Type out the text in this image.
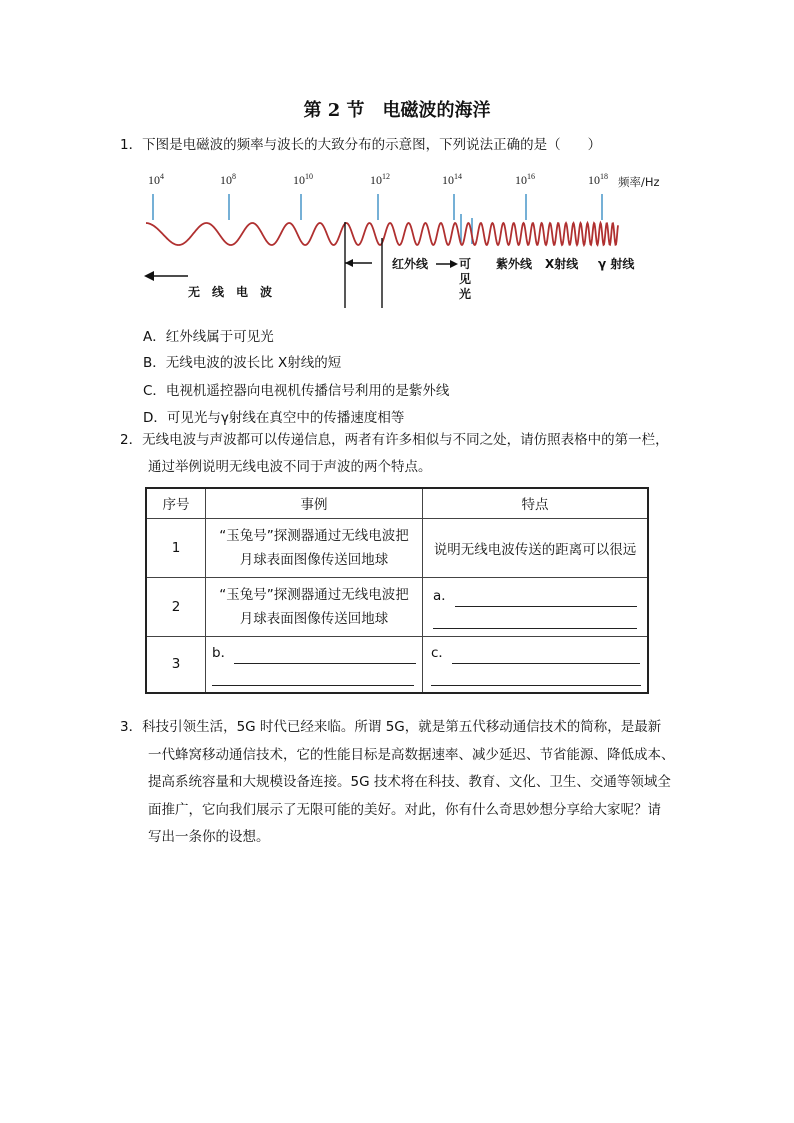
第 2 节　电磁波的海洋
1．下图是电磁波的频率与波长的大致分布的示意图，下列说法正确的是（　　）
$10^4$	$10^8$	$10^{10}$	$10^{12}$	$10^{14}$	$10^{16}$	$10^{18}$ 频率/Hz
红外线	可
见
光
紫外线 X射线 γ 射线
无　线　电　波
A．红外线属于可见光
B．无线电波的波长比 X射线的短
C．电视机遥控器向电视机传播信号利用的是紫外线
D．可见光与γ射线在真空中的传播速度相等
2．无线电波与声波都可以传递信息，两者有许多相似与不同之处，请仿照表格中的第一栏，
通过举例说明无线电波不同于声波的两个特点。
序号	事例	特点
1	“玉兔号”探测器通过无线电波把
月球表面图像传送回地球	说明无线电波传送的距离可以很远
2	“玉兔号”探测器通过无线电波把
月球表面图像传送回地球	a．

3	b．	c．
3．科技引领生活，5G 时代已经来临。所谓 5G，就是第五代移动通信技术的简称，是最新
一代蜂窝移动通信技术，它的性能目标是高数据速率、减少延迟、节省能源、降低成本、
提高系统容量和大规模设备连接。5G 技术将在科技、教育、文化、卫生、交通等领域全
面推广，它向我们展示了无限可能的美好。对此，你有什么奇思妙想分享给大家呢？请
写出一条你的设想。
